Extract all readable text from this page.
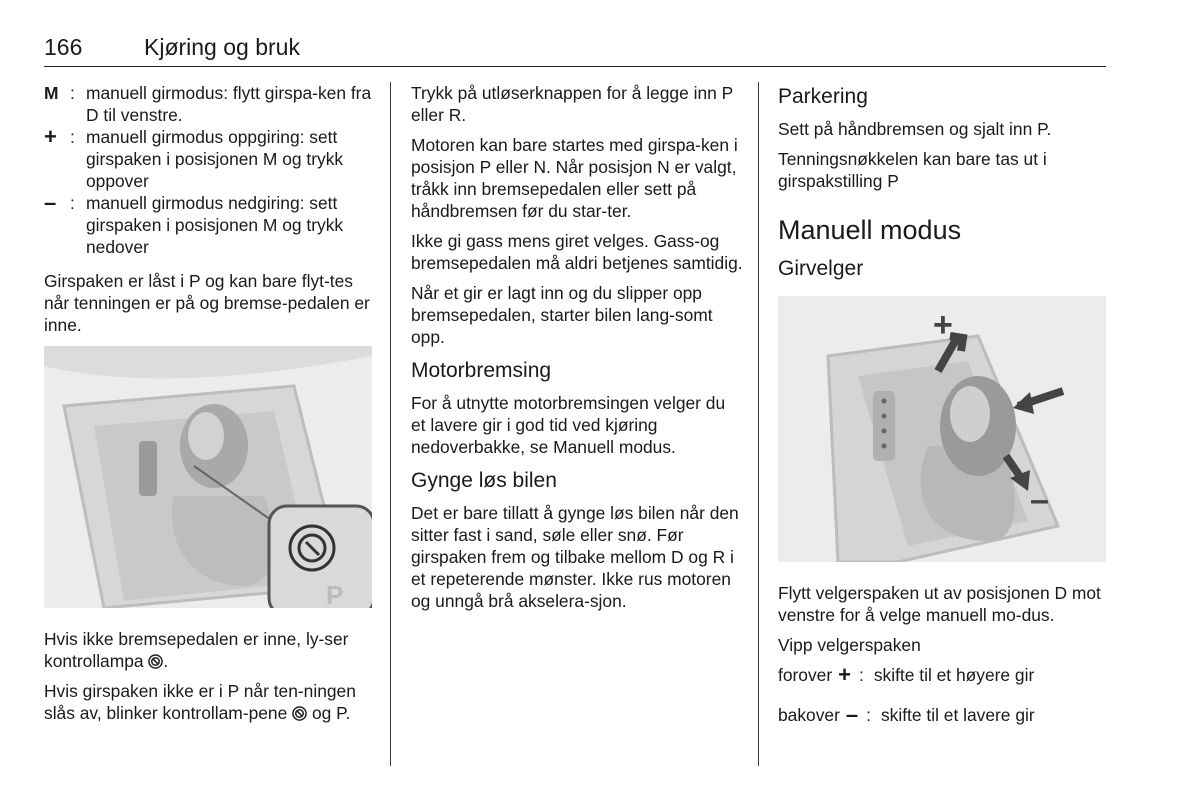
166	Kjøring og bruk
M : manuell girmodus: flytt girspa-ken fra D til venstre.
+ : manuell girmodus oppgiring: sett girspaken i posisjonen M og trykk oppover
– : manuell girmodus nedgiring: sett girspaken i posisjonen M og trykk nedover

Girspaken er låst i P og kan bare flyt-tes når tenningen er på og bremse-pedalen er inne.

P

Hvis ikke bremsepedalen er inne, ly-ser kontrollampa .

Hvis girspaken ikke er i P når ten-ningen slås av, blinker kontrollam-pene og P.

Trykk på utløserknappen for å legge inn P eller R.

Motoren kan bare startes med girspa-ken i posisjon P eller N. Når posisjon N er valgt, tråkk inn bremsepedalen eller sett på håndbremsen før du star-ter.

Ikke gi gass mens giret velges. Gass-og bremsepedalen må aldri betjenes samtidig.

Når et gir er lagt inn og du slipper opp bremsepedalen, starter bilen lang-somt opp.

Motorbremsing

For å utnytte motorbremsingen velger du et lavere gir i god tid ved kjøring nedoverbakke, se Manuell modus.

Gynge løs bilen

Det er bare tillatt å gynge løs bilen når den sitter fast i sand, søle eller snø. Før girspaken frem og tilbake mellom D og R i et repeterende mønster. Ikke rus motoren og unngå brå akselera-sjon.

Parkering

Sett på håndbremsen og sjalt inn P.

Tenningsnøkkelen kan bare tas ut i girspakstilling P

Manuell modus
Girvelger
+
–

Flytt velgerspaken ut av posisjonen D mot venstre for å velge manuell mo-dus.

Vipp velgerspaken

forover + : skifte til et høyere gir
bakover – : skifte til et lavere gir
